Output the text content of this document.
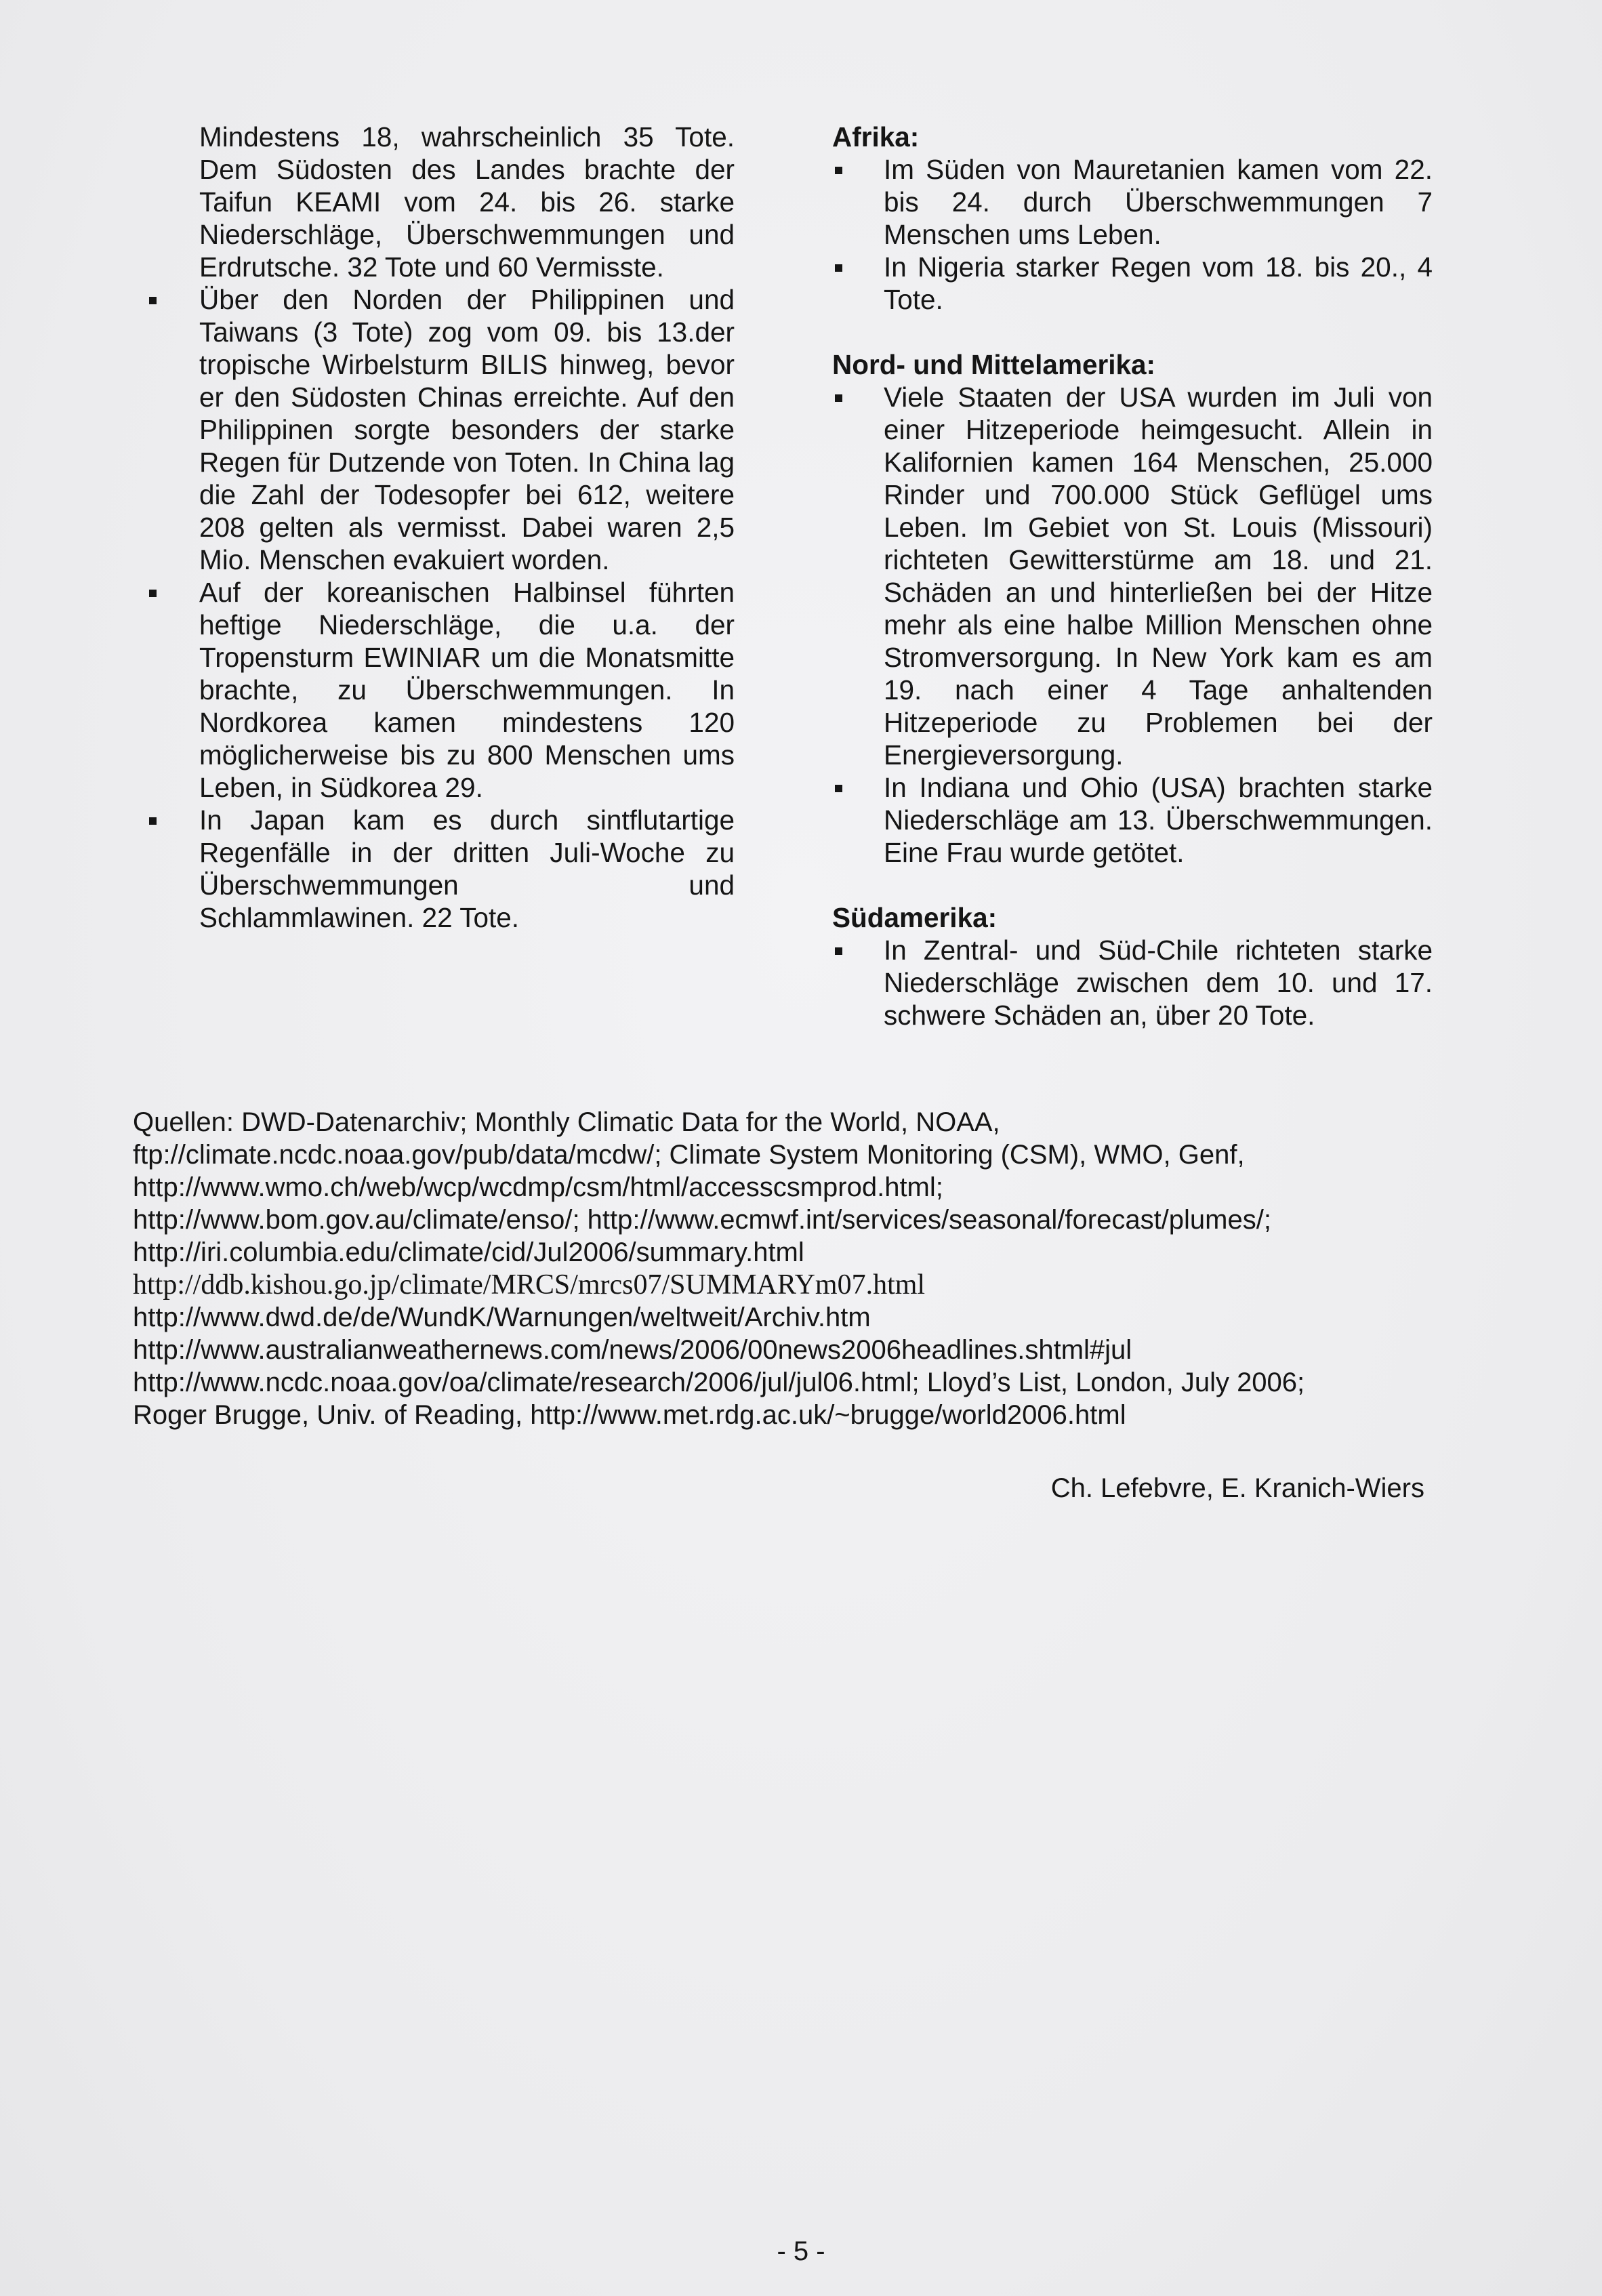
Mindestens 18, wahrscheinlich 35 Tote. Dem Südosten des Landes brachte der Taifun KEAMI vom 24. bis 26. starke Niederschläge, Überschwemmungen und Erdrutsche. 32 Tote und 60 Vermisste.

Über den Norden der Philippinen und Taiwans (3 Tote) zog vom 09. bis 13.der tropische Wirbelsturm BILIS hinweg, bevor er den Südosten Chinas erreichte. Auf den Philippinen sorgte besonders der starke Regen für Dutzende von Toten. In China lag die Zahl der Todesopfer bei 612, weitere 208 gelten als vermisst. Dabei waren 2,5 Mio. Menschen evakuiert worden.
Auf der koreanischen Halbinsel führten heftige Niederschläge, die u.a. der Tropensturm EWINIAR um die Monatsmitte brachte, zu Überschwemmungen. In Nordkorea kamen mindestens 120 möglicherweise bis zu 800 Menschen ums Leben, in Südkorea 29.
In Japan kam es durch sintflutartige Regenfälle in der dritten Juli-Woche zu Überschwemmungen und Schlammlawinen. 22 Tote.

Afrika:

Im Süden von Mauretanien kamen vom 22. bis 24. durch Überschwemmungen 7 Menschen ums Leben.
In Nigeria starker Regen vom 18. bis 20., 4 Tote.

Nord- und Mittelamerika:

Viele Staaten der USA wurden im Juli von einer Hitzeperiode heimgesucht. Allein in Kalifornien kamen 164 Menschen, 25.000 Rinder und 700.000 Stück Geflügel ums Leben. Im Gebiet von St. Louis (Missouri) richteten Gewitterstürme am 18. und 21. Schäden an und hinterließen bei der Hitze mehr als eine halbe Million Menschen ohne Stromversorgung. In New York kam es am 19. nach einer 4 Tage anhaltenden Hitzeperiode zu Problemen bei der Energieversorgung.
In Indiana und Ohio (USA) brachten starke Niederschläge am 13. Überschwemmungen. Eine Frau wurde getötet.

Südamerika:

In Zentral- und Süd-Chile richteten starke Niederschläge zwischen dem 10. und 17. schwere Schäden an, über 20 Tote.
Quellen: DWD-Datenarchiv; Monthly Climatic Data for the World, NOAA,
ftp://climate.ncdc.noaa.gov/pub/data/mcdw/; Climate System Monitoring (CSM), WMO, Genf,
http://www.wmo.ch/web/wcp/wcdmp/csm/html/accesscsmprod.html;
http://www.bom.gov.au/climate/enso/; http://www.ecmwf.int/services/seasonal/forecast/plumes/;
http://iri.columbia.edu/climate/cid/Jul2006/summary.html
http://ddb.kishou.go.jp/climate/MRCS/mrcs07/SUMMARYm07.html
http://www.dwd.de/de/WundK/Warnungen/weltweit/Archiv.htm
http://www.australianweathernews.com/news/2006/00news2006headlines.shtml#jul
http://www.ncdc.noaa.gov/oa/climate/research/2006/jul/jul06.html; Lloyd’s List, London, July 2006;
Roger Brugge, Univ. of Reading, http://www.met.rdg.ac.uk/~brugge/world2006.html
Ch. Lefebvre, E. Kranich-Wiers
- 5 -
